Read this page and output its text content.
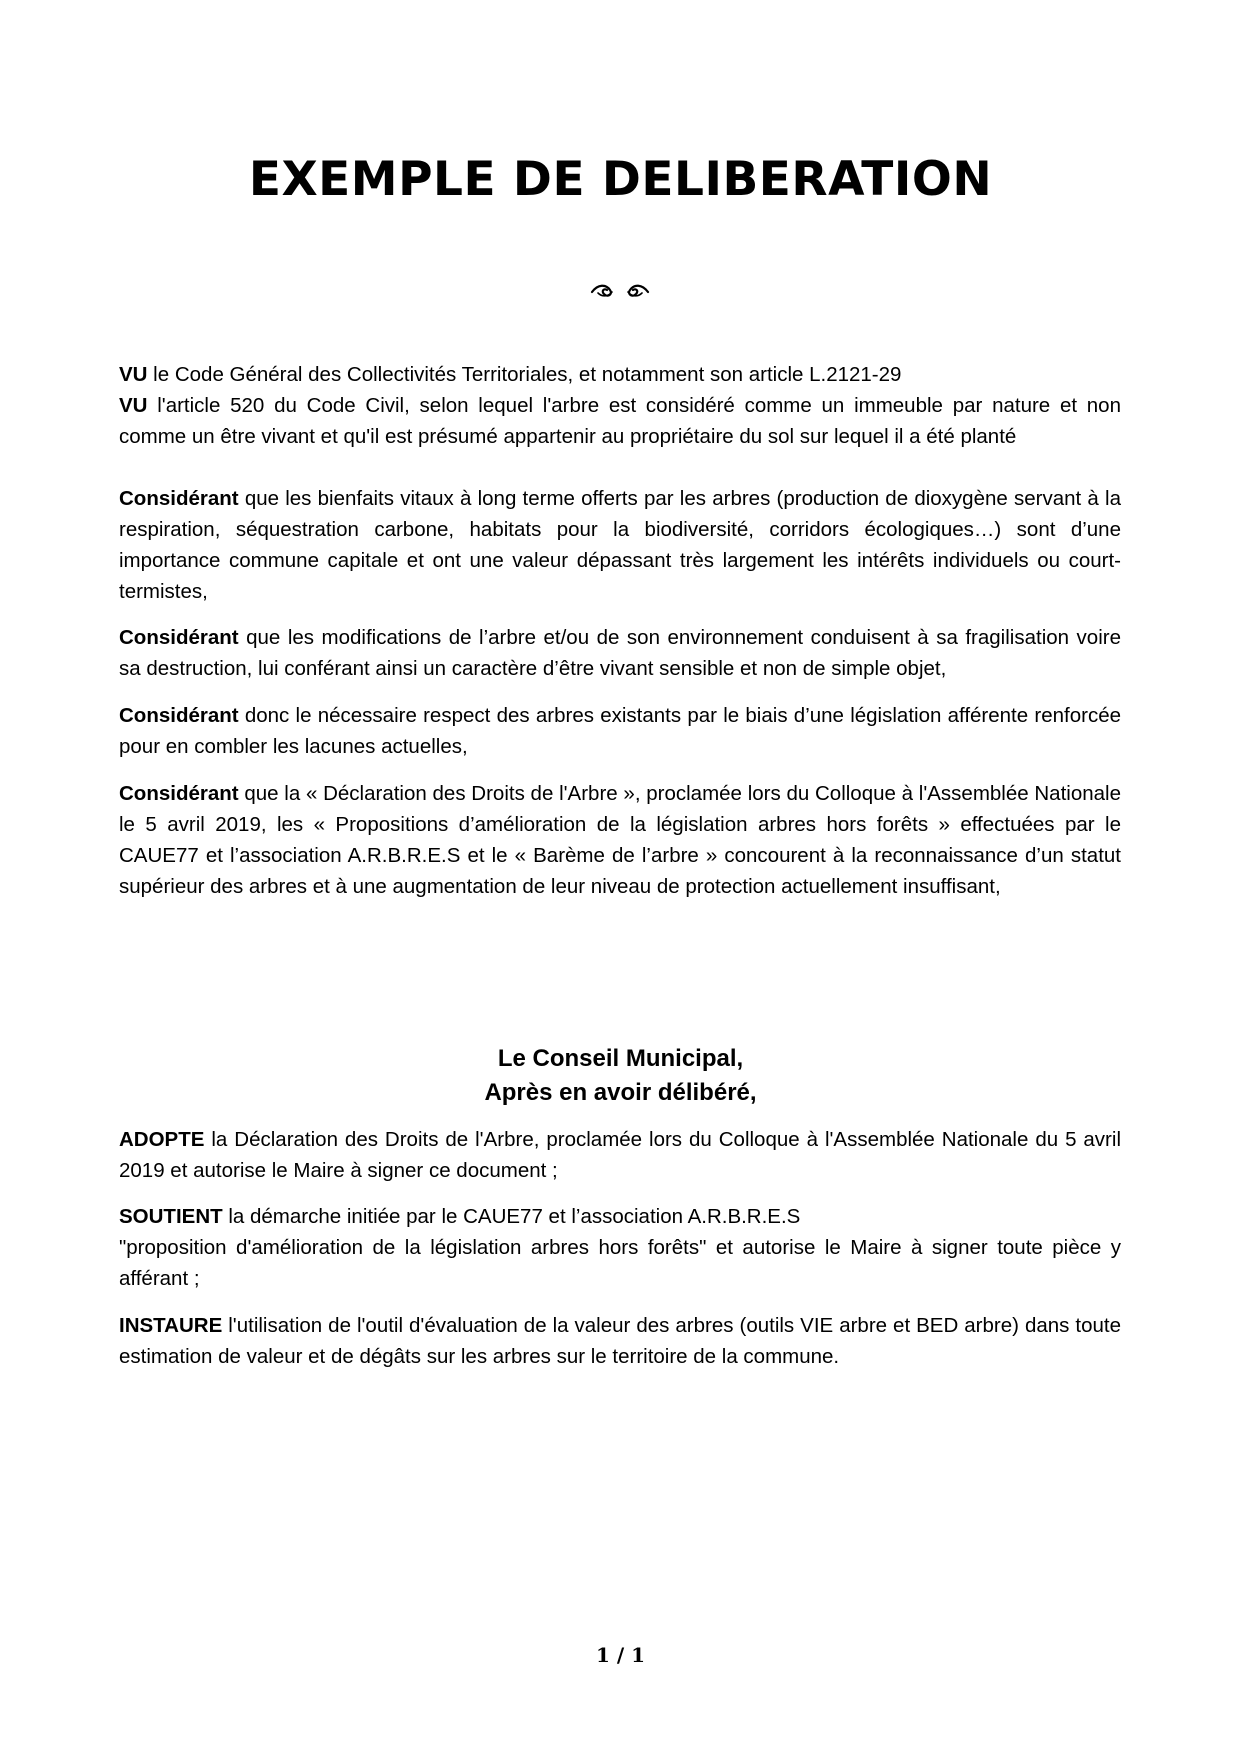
EXEMPLE DE DELIBERATION
VU le Code Général des Collectivités Territoriales, et notamment son article L.2121-29
VU l'article 520 du Code Civil, selon lequel l'arbre est considéré comme un immeuble par nature et non comme un être vivant et qu'il est présumé appartenir au propriétaire du sol sur lequel il a été planté

Considérant que les bienfaits vitaux à long terme offerts par les arbres (production de dioxygène servant à la respiration, séquestration carbone, habitats pour la biodiversité, corridors écologiques…) sont d’une importance commune capitale et ont une valeur dépassant très largement les intérêts individuels ou court-termistes,

Considérant que les modifications de l’arbre et/ou de son environnement conduisent à sa fragilisation voire sa destruction, lui conférant ainsi un caractère d’être vivant sensible et non de simple objet,

Considérant donc le nécessaire respect des arbres existants par le biais d’une législation afférente renforcée pour en combler les lacunes actuelles,

Considérant que la « Déclaration des Droits de l'Arbre », proclamée lors du Colloque à l'Assemblée Nationale le 5 avril 2019, les « Propositions d’amélioration de la législation arbres hors forêts » effectuées par le CAUE77 et l’association A.R.B.R.E.S et le « Barème de l’arbre » concourent à la reconnaissance d’un statut supérieur des arbres et à une augmentation de leur niveau de protection actuellement insuffisant,

Le Conseil Municipal,
Après en avoir délibéré,

ADOPTE la Déclaration des Droits de l'Arbre, proclamée lors du Colloque à l'Assemblée Nationale du 5 avril 2019 et autorise le Maire à signer ce document ;

SOUTIENT la démarche initiée par le CAUE77 et l’association A.R.B.R.E.S
"proposition d'amélioration de la législation arbres hors forêts" et autorise le Maire à signer toute pièce y afférant ;

INSTAURE l'utilisation de l'outil d'évaluation de la valeur des arbres (outils VIE arbre et BED arbre) dans toute estimation de valeur et de dégâts sur les arbres sur le territoire de la commune.

1 / 1
